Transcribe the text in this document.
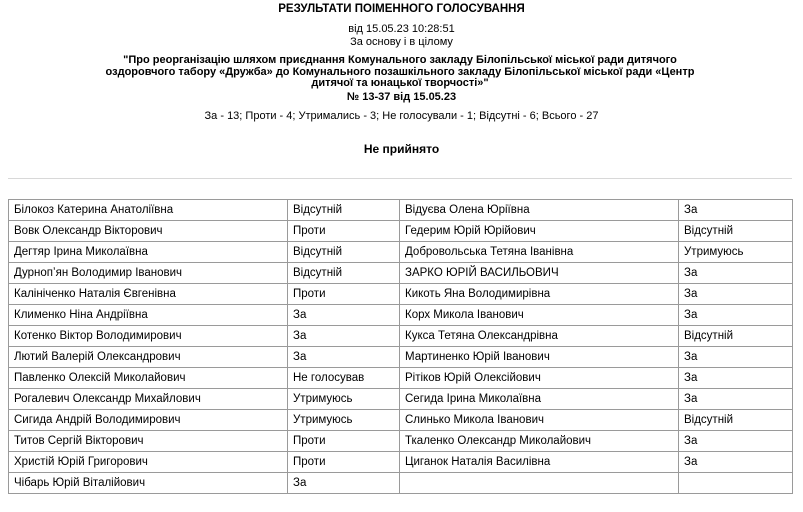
РЕЗУЛЬТАТИ ПОІМЕННОГО ГОЛОСУВАННЯ
від 15.05.23 10:28:51
За основу і в цілому
"Про реорганізацію шляхом приєднання Комунального закладу Білопільської міської ради дитячого оздоровчого табору «Дружба» до Комунального позашкільного закладу Білопільської міської ради «Центр дитячої та юнацької творчості»"
№ 13-37 від 15.05.23
За - 13; Проти - 4; Утримались - 3; Не голосували - 1; Відсутні - 6; Всього - 27
Не прийнято
Білокоз Катерина Анатоліївна	Відсутній	Відуєва Олена Юріївна	За
Вовк Олександр Вікторович	Проти	Гедерим Юрій Юрійович	Відсутній
Дегтяр Ірина Миколаївна	Відсутній	Добровольська Тетяна Іванівна	Утримуюсь
Дурнопʼян Володимир Іванович	Відсутній	ЗАРКО ЮРІЙ ВАСИЛЬОВИЧ	За
Калініченко Наталія Євгенівна	Проти	Кикоть Яна Володимирівна	За
Клименко Ніна Андріївна	За	Корх Микола Іванович	За
Котенко Віктор Володимирович	За	Кукса Тетяна Олександрівна	Відсутній
Лютий Валерій Олександрович	За	Мартиненко Юрій Іванович	За
Павленко Олексій Миколайович	Не голосував	Рітіков Юрій Олексійович	За
Рогалевич Олександр Михайлович	Утримуюсь	Сегида Ірина Миколаївна	За
Сигида Андрій Володимирович	Утримуюсь	Слинько Микола Іванович	Відсутній
Титов Сергій Вікторович	Проти	Ткаленко Олександр Миколайович	За
Христій Юрій Григорович	Проти	Циганок Наталія Василівна	За
Чібарь Юрій Віталійович	За		
